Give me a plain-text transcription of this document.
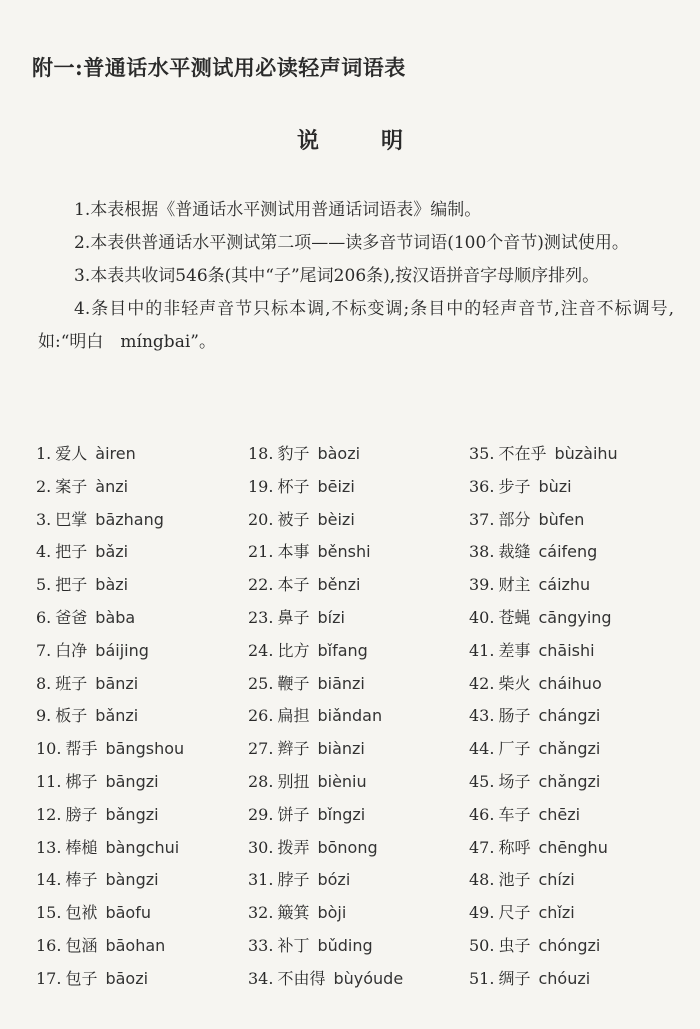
附一:普通话水平测试用必读轻声词语表
说明

1.本表根据《普通话水平测试用普通话词语表》编制。

2.本表供普通话水平测试第二项——读多音节词语(100个音节)测试使用。

3.本表共收词546条(其中“子”尾词206条),按汉语拼音字母顺序排列。

4.条目中的非轻声音节只标本调,不标变调;条目中的轻声音节,注音不标调号,如:“明白　míngbai”。

1. 爱人 àiren
2. 案子 ànzi
3. 巴掌 bāzhang
4. 把子 bǎzi
5. 把子 bàzi
6. 爸爸 bàba
7. 白净 báijing
8. 班子 bānzi
9. 板子 bǎnzi
10. 帮手 bāngshou
11. 梆子 bāngzi
12. 膀子 bǎngzi
13. 棒槌 bàngchui
14. 棒子 bàngzi
15. 包袱 bāofu
16. 包涵 bāohan
17. 包子 bāozi
18. 豹子 bàozi
19. 杯子 bēizi
20. 被子 bèizi
21. 本事 běnshi
22. 本子 běnzi
23. 鼻子 bízi
24. 比方 bǐfang
25. 鞭子 biānzi
26. 扁担 biǎndan
27. 辫子 biànzi
28. 别扭 bièniu
29. 饼子 bǐngzi
30. 拨弄 bōnong
31. 脖子 bózi
32. 簸箕 bòji
33. 补丁 bǔding
34. 不由得 bùyóude
35. 不在乎 bùzàihu
36. 步子 bùzi
37. 部分 bùfen
38. 裁缝 cáifeng
39. 财主 cáizhu
40. 苍蝇 cāngying
41. 差事 chāishi
42. 柴火 cháihuo
43. 肠子 chángzi
44. 厂子 chǎngzi
45. 场子 chǎngzi
46. 车子 chēzi
47. 称呼 chēnghu
48. 池子 chízi
49. 尺子 chǐzi
50. 虫子 chóngzi
51. 绸子 chóuzi
